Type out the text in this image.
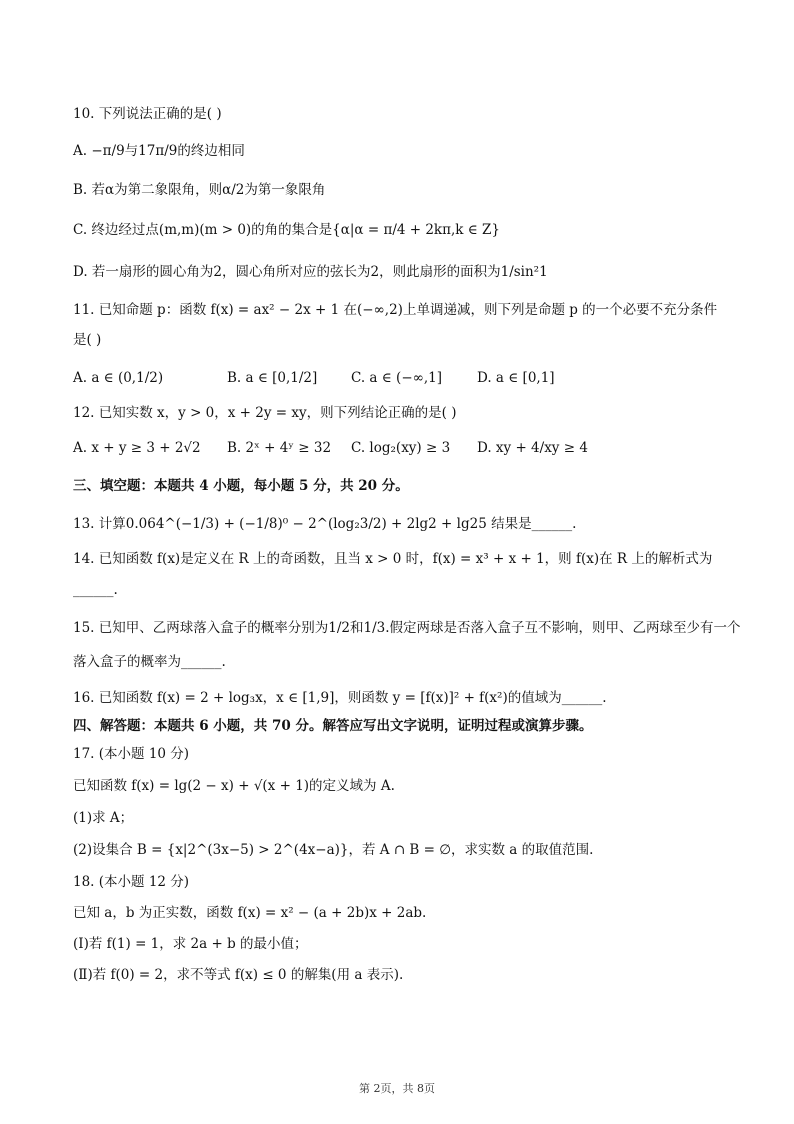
10. 下列说法正确的是( )
A. −π/9与17π/9的终边相同
B. 若α为第二象限角，则α/2为第一象限角
C. 终边经过点(m,m)(m > 0)的角的集合是{α|α = π/4 + 2kπ,k ∈ Z}
D. 若一扇形的圆心角为2，圆心角所对应的弦长为2，则此扇形的面积为1/sin²1
11. 已知命题 p：函数 f(x) = ax² − 2x + 1 在(−∞,2)上单调递减，则下列是命题 p 的一个必要不充分条件
是( )
A. a ∈ (0,1/2)	B. a ∈ [0,1/2]	C. a ∈ (−∞,1]	D. a ∈ [0,1]
12. 已知实数 x，y > 0，x + 2y = xy，则下列结论正确的是( )
A. x + y ≥ 3 + 2√2	B. 2ˣ + 4ʸ ≥ 32	C. log₂(xy) ≥ 3	D. xy + 4/xy ≥ 4
三、填空题：本题共 4 小题，每小题 5 分，共 20 分。
13. 计算0.064^(−1/3) + (−1/8)⁰ − 2^(log₂3/2) + 2lg2 + lg25 结果是______.
14. 已知函数 f(x)是定义在 R 上的奇函数，且当 x > 0 时，f(x) = x³ + x + 1，则 f(x)在 R 上的解析式为
______.
15. 已知甲、乙两球落入盒子的概率分别为1/2和1/3.假定两球是否落入盒子互不影响，则甲、乙两球至少有一个
落入盒子的概率为______.
16. 已知函数 f(x) = 2 + log₃x，x ∈ [1,9]，则函数 y = [f(x)]² + f(x²)的值域为______.
四、解答题：本题共 6 小题，共 70 分。解答应写出文字说明，证明过程或演算步骤。
17. (本小题 10 分)
已知函数 f(x) = lg(2 − x) + √(x + 1)的定义域为 A.
(1)求 A；
(2)设集合 B = {x|2^(3x−5) > 2^(4x−a)}，若 A ∩ B = ∅，求实数 a 的取值范围.
18. (本小题 12 分)
已知 a，b 为正实数，函数 f(x) = x² − (a + 2b)x + 2ab.
(Ⅰ)若 f(1) = 1，求 2a + b 的最小值；
(Ⅱ)若 f(0) = 2，求不等式 f(x) ≤ 0 的解集(用 a 表示).
第 2页，共 8页
